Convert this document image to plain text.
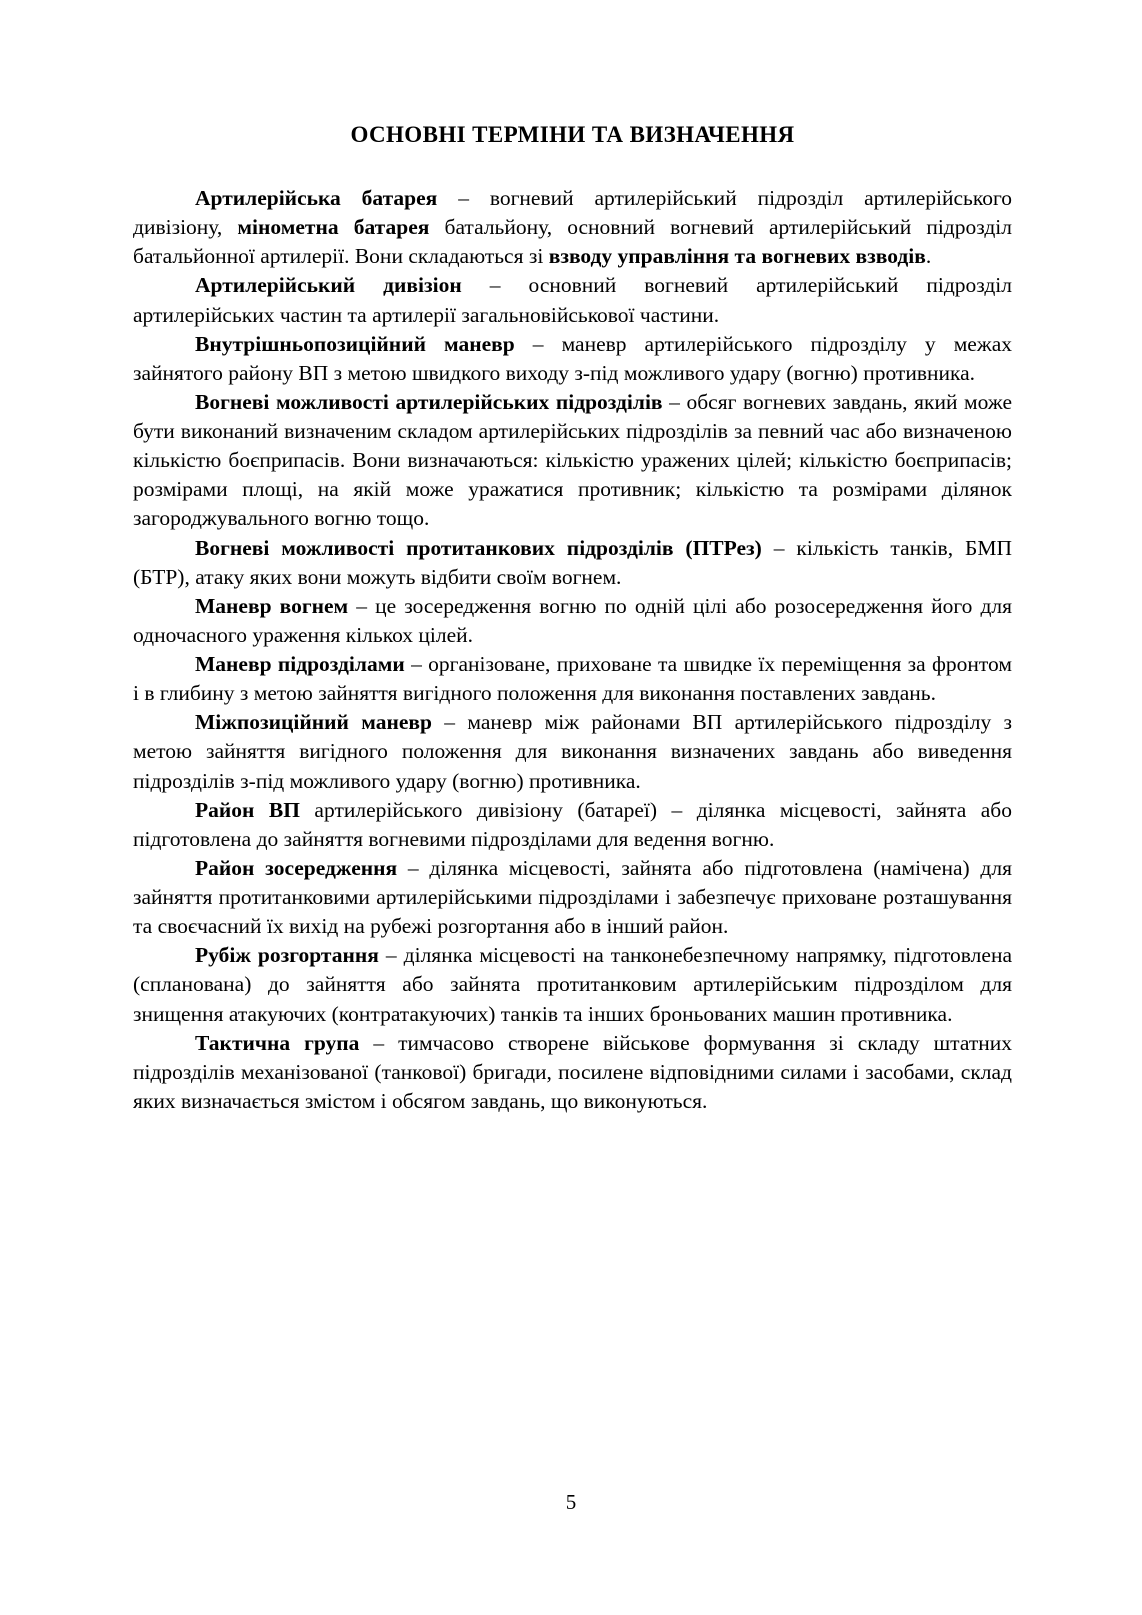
ОСНОВНІ ТЕРМІНИ ТА ВИЗНАЧЕННЯ

Артилерійська батарея – вогневий артилерійський підрозділ артилерійського дивізіону, мінометна батарея батальйону, основний вогневий артилерійський підрозділ батальйонної артилерії. Вони складаються зі взводу управління та вогневих взводів.

Артилерійський дивізіон – основний вогневий артилерійський підрозділ артилерійських частин та артилерії загальновійськової частини.

Внутрішньопозиційний маневр – маневр артилерійського підрозділу у межах зайнятого району ВП з метою швидкого виходу з-під можливого удару (вогню) противника.

Вогневі можливості артилерійських підрозділів – обсяг вогневих завдань, який може бути виконаний визначеним складом артилерійських підрозділів за певний час або визначеною кількістю боєприпасів. Вони визначаються: кількістю уражених цілей; кількістю боєприпасів; розмірами площі, на якій може уражатися противник; кількістю та розмірами ділянок загороджувального вогню тощо.

Вогневі можливості протитанкових підрозділів (ПТРез) – кількість танків, БМП (БТР), атаку яких вони можуть відбити своїм вогнем.

Маневр вогнем – це зосередження вогню по одній цілі або розосередження його для одночасного ураження кількох цілей.

Маневр підрозділами – організоване, приховане та швидке їх переміщення за фронтом і в глибину з метою зайняття вигідного положення для виконання поставлених завдань.

Міжпозиційний маневр – маневр між районами ВП артилерійського підрозділу з метою зайняття вигідного положення для виконання визначених завдань або виведення підрозділів з-під можливого удару (вогню) противника.

Район ВП артилерійського дивізіону (батареї) – ділянка місцевості, зайнята або підготовлена до зайняття вогневими підрозділами для ведення вогню.

Район зосередження – ділянка місцевості, зайнята або підготовлена (намічена) для зайняття протитанковими артилерійськими підрозділами і забезпечує приховане розташування та своєчасний їх вихід на рубежі розгортання або в інший район.

Рубіж розгортання – ділянка місцевості на танконебезпечному напрямку, підготовлена (спланована) до зайняття або зайнята протитанковим артилерійським підрозділом для знищення атакуючих (контратакуючих) танків та інших броньованих машин противника.

Тактична група – тимчасово створене військове формування зі складу штатних підрозділів механізованої (танкової) бригади, посилене відповідними силами і засобами, склад яких визначається змістом і обсягом завдань, що виконуються.

5
